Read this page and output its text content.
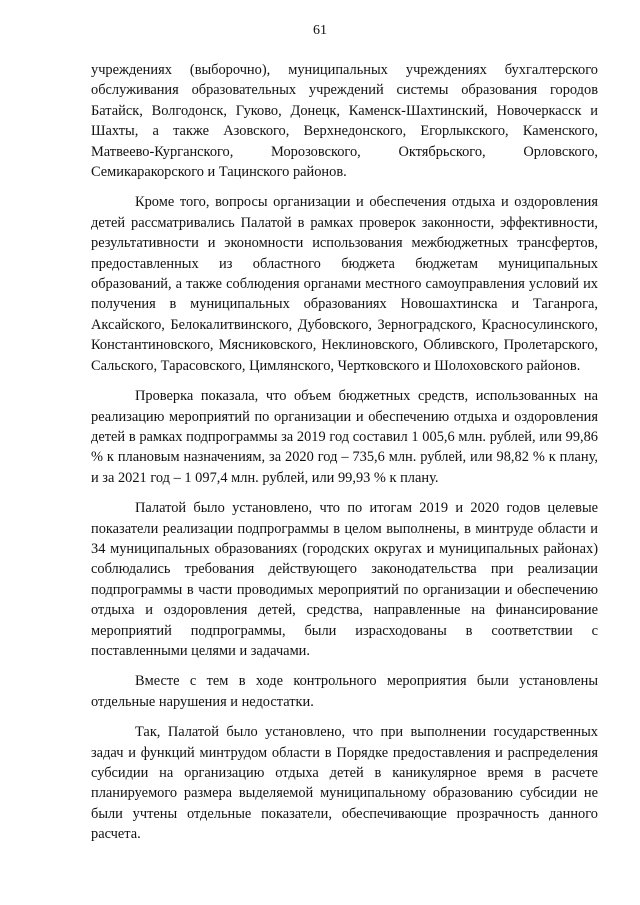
61

учреждениях (выборочно), муниципальных учреждениях бухгалтерского обслуживания образовательных учреждений системы образования городов Батайск, Волгодонск, Гуково, Донецк, Каменск-Шахтинский, Новочеркасск и Шахты, а также Азовского, Верхнедонского, Егорлыкского, Каменского, Матвеево-Курганского, Морозовского, Октябрьского, Орловского, Семикаракорского и Тацинского районов.

Кроме того, вопросы организации и обеспечения отдыха и оздоровления детей рассматривались Палатой в рамках проверок законности, эффективности, результативности и экономности использования межбюджетных трансфертов, предоставленных из областного бюджета бюджетам муниципальных образований, а также соблюдения органами местного самоуправления условий их получения в муниципальных образованиях Новошахтинска и Таганрога, Аксайского, Белокалитвинского, Дубовского, Зерноградского, Красносулинского, Константиновского, Мясниковского, Неклиновского, Обливского, Пролетарского, Сальского, Тарасовского, Цимлянского, Чертковского и Шолоховского районов.

Проверка показала, что объем бюджетных средств, использованных на реализацию мероприятий по организации и обеспечению отдыха и оздоровления детей в рамках подпрограммы за 2019 год составил 1 005,6 млн. рублей, или 99,86 % к плановым назначениям, за 2020 год – 735,6 млн. рублей, или 98,82 % к плану, и за 2021 год – 1 097,4 млн. рублей, или 99,93 % к плану.

Палатой было установлено, что по итогам 2019 и 2020 годов целевые показатели реализации подпрограммы в целом выполнены, в минтруде области и 34 муниципальных образованиях (городских округах и муниципальных районах) соблюдались требования действующего законодательства при реализации подпрограммы в части проводимых мероприятий по организации и обеспечению отдыха и оздоровления детей, средства, направленные на финансирование мероприятий подпрограммы, были израсходованы в соответствии с поставленными целями и задачами.

Вместе с тем в ходе контрольного мероприятия были установлены отдельные нарушения и недостатки.

Так, Палатой было установлено, что при выполнении государственных задач и функций минтрудом области в Порядке предоставления и распределения субсидии на организацию отдыха детей в каникулярное время в расчете планируемого размера выделяемой муниципальному образованию субсидии не были учтены отдельные показатели, обеспечивающие прозрачность данного расчета.
